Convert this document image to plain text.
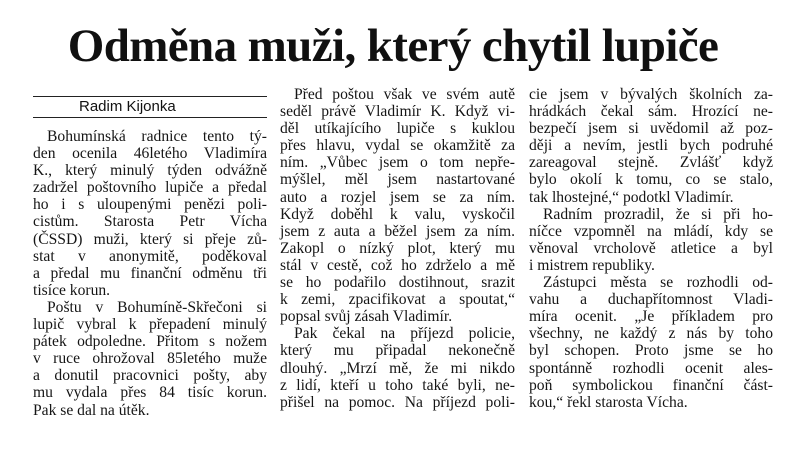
Odměna muži, který chytil lupiče
Radim Kijonka
Bohumínská radnice tento tý-
den ocenila 46letého Vladimíra
K., který minulý týden odvážně
zadržel poštovního lupiče a předal
ho i s uloupenými penězi poli-
cistům. Starosta Petr Vícha
(ČSSD) muži, který si přeje zů-
stat v anonymitě, poděkoval
a předal mu finanční odměnu tři
tisíce korun.
Poštu v Bohumíně-Skřečoni si
lupič vybral k přepadení minulý
pátek odpoledne. Přitom s nožem
v ruce ohrožoval 85letého muže
a donutil pracovnici pošty, aby
mu vydala přes 84 tisíc korun.
Pak se dal na útěk.
Před poštou však ve svém autě
seděl právě Vladimír K. Když vi-
děl utíkajícího lupiče s kuklou
přes hlavu, vydal se okamžitě za
ním. „Vůbec jsem o tom nepře-
mýšlel, měl jsem nastartované
auto a rozjel jsem se za ním.
Když doběhl k valu, vyskočil
jsem z auta a běžel jsem za ním.
Zakopl o nízký plot, který mu
stál v cestě, což ho zdrželo a mě
se ho podařilo dostihnout, srazit
k zemi, zpacifikovat a spoutat,“
popsal svůj zásah Vladimír.
Pak čekal na příjezd policie,
který mu připadal nekonečně
dlouhý. „Mrzí mě, že mi nikdo
z lidí, kteří u toho také byli, ne-
přišel na pomoc. Na příjezd poli-
cie jsem v bývalých školních za-
hrádkách čekal sám. Hrozící ne-
bezpečí jsem si uvědomil až poz-
ději a nevím, jestli bych podruhé
zareagoval stejně. Zvlášť když
bylo okolí k tomu, co se stalo,
tak lhostejné,“ podotkl Vladimír.
Radním prozradil, že si při ho-
níčce vzpomněl na mládí, kdy se
věnoval vrcholově atletice a byl
i mistrem republiky.
Zástupci města se rozhodli od-
vahu a duchapřítomnost Vladi-
míra ocenit. „Je příkladem pro
všechny, ne každý z nás by toho
byl schopen. Proto jsme se ho
spontánně rozhodli ocenit ales-
poň symbolickou finanční část-
kou,“ řekl starosta Vícha.
